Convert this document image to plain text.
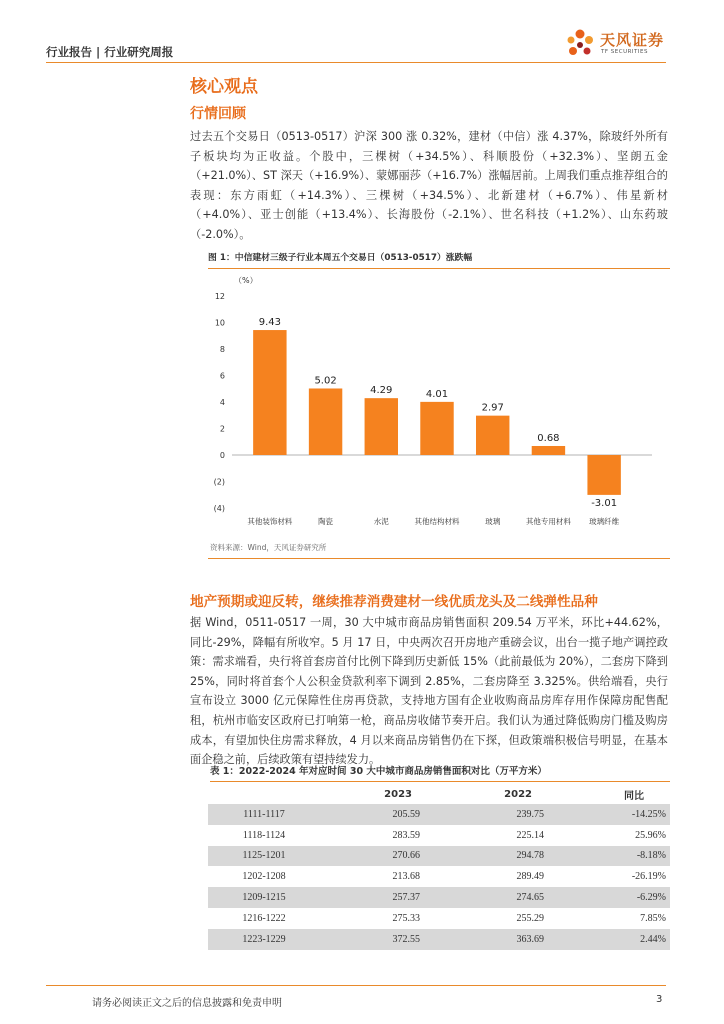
行业报告 | 行业研究周报
天风证券
TF SECURITIES
核心观点
行情回顾

过去五个交易日（0513-0517）沪深 300 涨 0.32%，建材（中信）涨 4.37%，除玻纤外所有子板块均为正收益。个股中，三棵树（+34.5%）、科顺股份（+32.3%）、坚朗五金（+21.0%）、ST 深天（+16.9%）、蒙娜丽莎（+16.7%）涨幅居前。上周我们重点推荐组合的表现：东方雨虹（+14.3%）、三棵树（+34.5%）、北新建材（+6.7%）、伟星新材（+4.0%）、亚士创能（+13.4%）、长海股份（-2.1%）、世名科技（+1.2%）、山东药玻（-2.0%）。

图 1：中信建材三级子行业本周五个交易日（0513-0517）涨跌幅
（%）
12
10
8
6
4
2
0
(2)
(4)
9.43
5.02
4.29	4.01
2.97
0.68
-3.01
其他装饰材料	陶瓷	水泥	其他结构材料	玻璃	其他专用材料 玻璃纤维
资料来源：Wind，天风证券研究所
地产预期或迎反转，继续推荐消费建材一线优质龙头及二线弹性品种

据 Wind，0511-0517 一周，30 大中城市商品房销售面积 209.54 万平米，环比+44.62%，同比-29%，降幅有所收窄。5 月 17 日，中央两次召开房地产重磅会议，出台一揽子地产调控政策：需求端看，央行将首套房首付比例下降到历史新低 15%（此前最低为 20%），二套房下降到 25%，同时将首套个人公积金贷款利率下调到 2.85%，二套房降至 3.325%。供给端看，央行宣布设立 3000 亿元保障性住房再贷款，支持地方国有企业收购商品房库存用作保障房配售配租，杭州市临安区政府已打响第一枪，商品房收储节奏开启。我们认为通过降低购房门槛及购房成本，有望加快住房需求释放，4 月以来商品房销售仍在下探，但政策端积极信号明显，在基本面企稳之前，后续政策有望持续发力。

表 1：2022-2024 年对应时间 30 大中城市商品房销售面积对比（万平方米）
	2023	2022	同比
1111-1117	205.59	239.75	-14.25%
1118-1124	283.59	225.14	25.96%
1125-1201	270.66	294.78	-8.18%
1202-1208	213.68	289.49	-26.19%
1209-1215	257.37	274.65	-6.29%
1216-1222	275.33	255.29	7.85%
1223-1229	372.55	363.69	2.44%
请务必阅读正文之后的信息披露和免责申明	3
